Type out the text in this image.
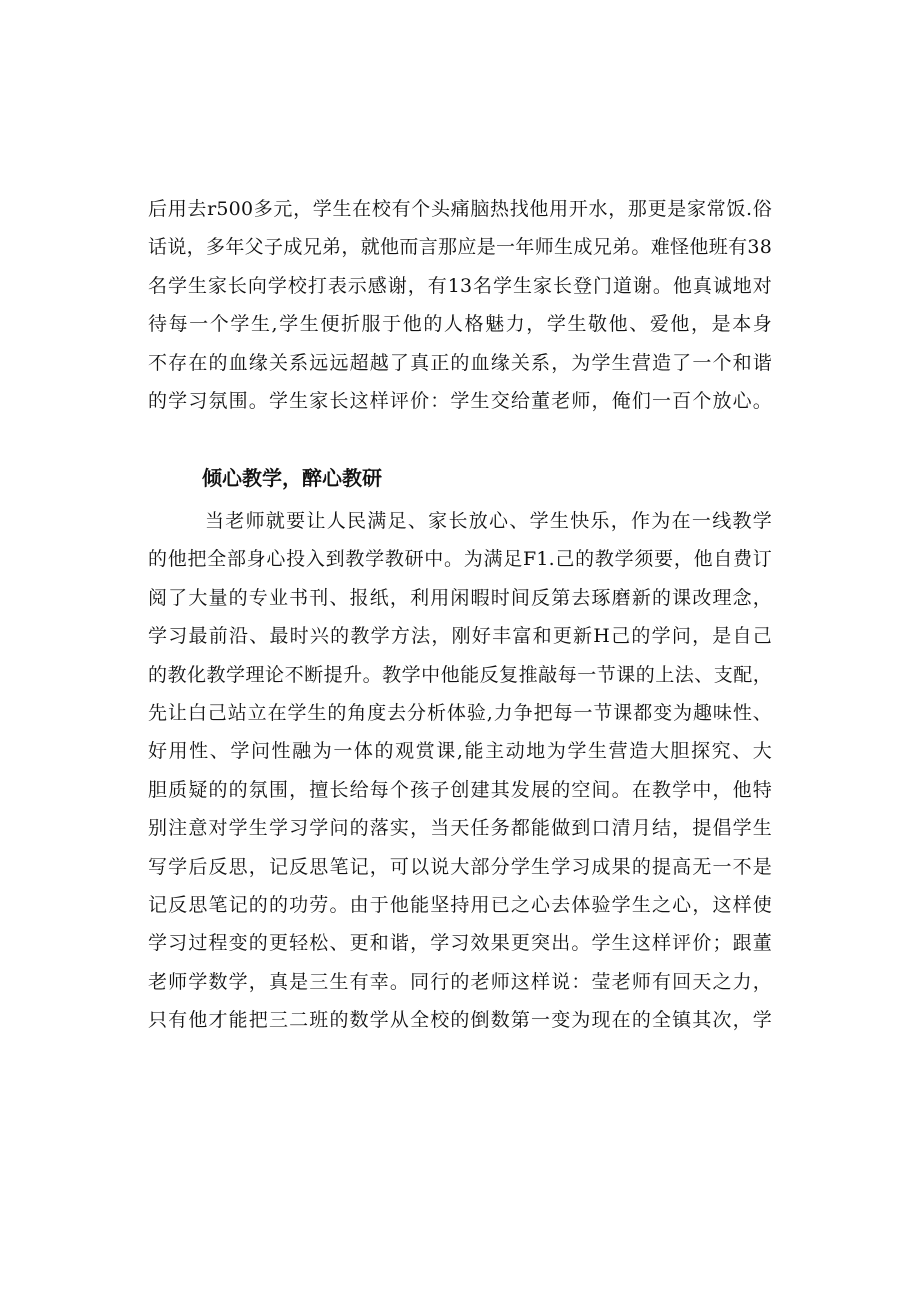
后用去r500多元，学生在校有个头痛脑热找他用开水，那更是家常饭.俗
话说，多年父子成兄弟，就他而言那应是一年师生成兄弟。难怪他班有38
名学生家长向学校打表示感谢，有13名学生家长登门道谢。他真诚地对
待每一个学生,学生便折服于他的人格魅力，学生敬他、爱他，是本身
不存在的血缘关系远远超越了真正的血缘关系，为学生营造了一个和谐
的学习氛围。学生家长这样评价：学生交给董老师，俺们一百个放心。
倾心教学，醉心教研
当老师就要让人民满足、家长放心、学生快乐，作为在一线教学
的他把全部身心投入到教学教研中。为满足F1.己的教学须要，他自费订
阅了大量的专业书刊、报纸，利用闲暇时间反第去琢磨新的课改理念，
学习最前沿、最时兴的教学方法，刚好丰富和更新H己的学问，是自己
的教化教学理论不断提升。教学中他能反复推敲每一节课的上法、支配，
先让白己站立在学生的角度去分析体验,力争把每一节课都变为趣味性、
好用性、学问性融为一体的观赏课,能主动地为学生营造大胆探究、大
胆质疑的的氛围，擅长给每个孩子创建其发展的空间。在教学中，他特
别注意对学生学习学问的落实，当天任务都能做到口清月结，提倡学生
写学后反思，记反思笔记，可以说大部分学生学习成果的提高无一不是
记反思笔记的的功劳。由于他能坚持用已之心去体验学生之心，这样使
学习过程变的更轻松、更和谐，学习效果更突出。学生这样评价；跟董
老师学数学，真是三生有幸。同行的老师这样说：莹老师有回天之力，
只有他才能把三二班的数学从全校的倒数第一变为现在的全镇其次，学
